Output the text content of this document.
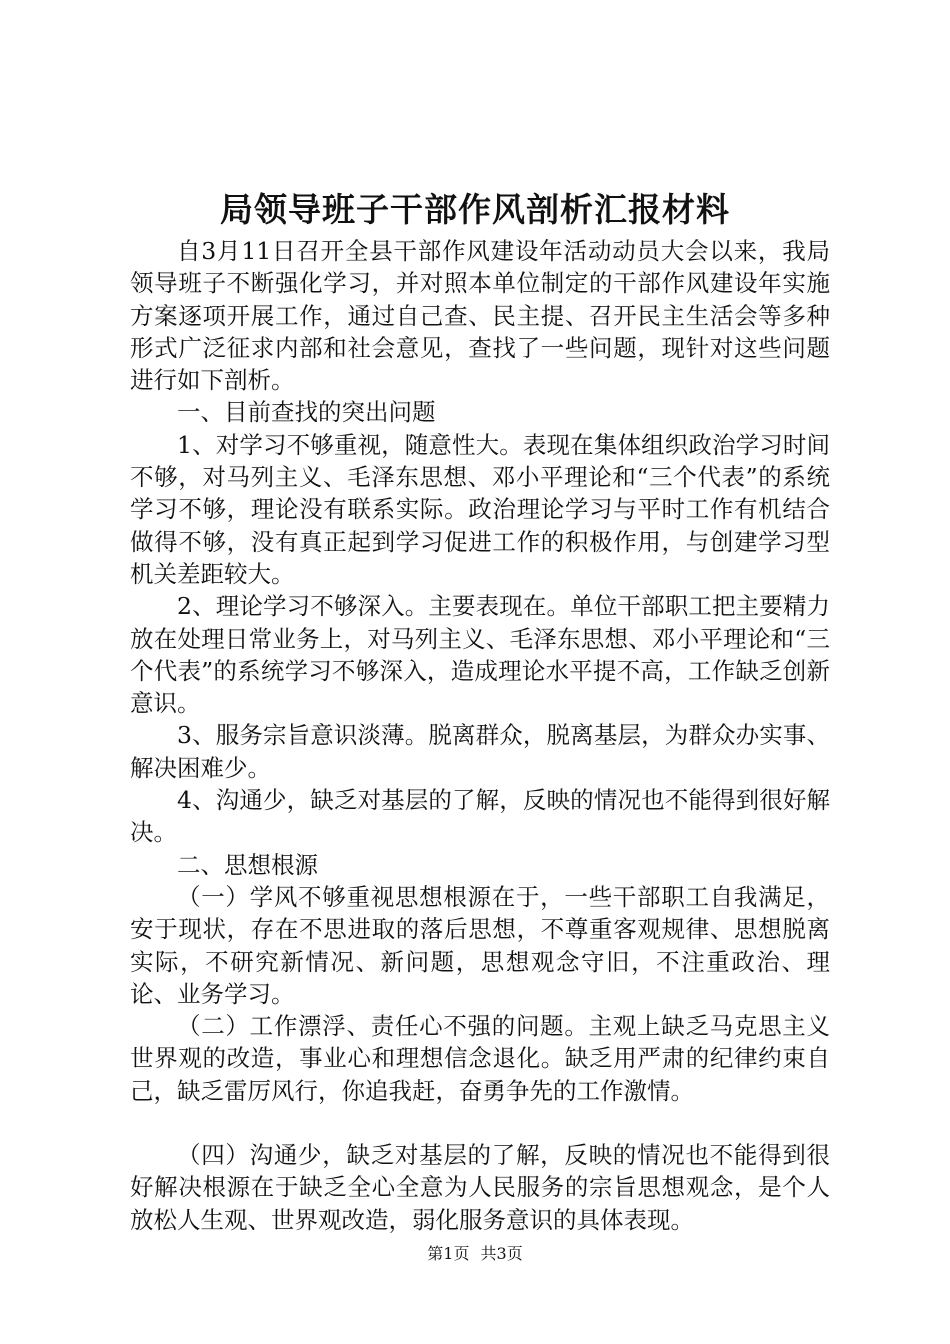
局领导班子干部作风剖析汇报材料

自3月11日召开全县干部作风建设年活动动员大会以来，我局领导班子不断强化学习，并对照本单位制定的干部作风建设年实施方案逐项开展工作，通过自己查、民主提、召开民主生活会等多种形式广泛征求内部和社会意见，查找了一些问题，现针对这些问题进行如下剖析。

一、目前查找的突出问题

1、对学习不够重视，随意性大。表现在集体组织政治学习时间不够，对马列主义、毛泽东思想、邓小平理论和“三个代表”的系统学习不够，理论没有联系实际。政治理论学习与平时工作有机结合做得不够，没有真正起到学习促进工作的积极作用，与创建学习型机关差距较大。

2、理论学习不够深入。主要表现在。单位干部职工把主要精力放在处理日常业务上，对马列主义、毛泽东思想、邓小平理论和“三个代表”的系统学习不够深入，造成理论水平提不高，工作缺乏创新意识。

3、服务宗旨意识淡薄。脱离群众，脱离基层，为群众办实事、解决困难少。

4、沟通少，缺乏对基层的了解，反映的情况也不能得到很好解决。

二、思想根源

（一）学风不够重视思想根源在于，一些干部职工自我满足，安于现状，存在不思进取的落后思想，不尊重客观规律、思想脱离实际，不研究新情况、新问题，思想观念守旧，不注重政治、理论、业务学习。

（二）工作漂浮、责任心不强的问题。主观上缺乏马克思主义世界观的改造，事业心和理想信念退化。缺乏用严肃的纪律约束自己，缺乏雷厉风行，你追我赶，奋勇争先的工作激情。

（四）沟通少，缺乏对基层的了解，反映的情况也不能得到很好解决根源在于缺乏全心全意为人民服务的宗旨思想观念，是个人放松人生观、世界观改造，弱化服务意识的具体表现。

第1页 共3页
